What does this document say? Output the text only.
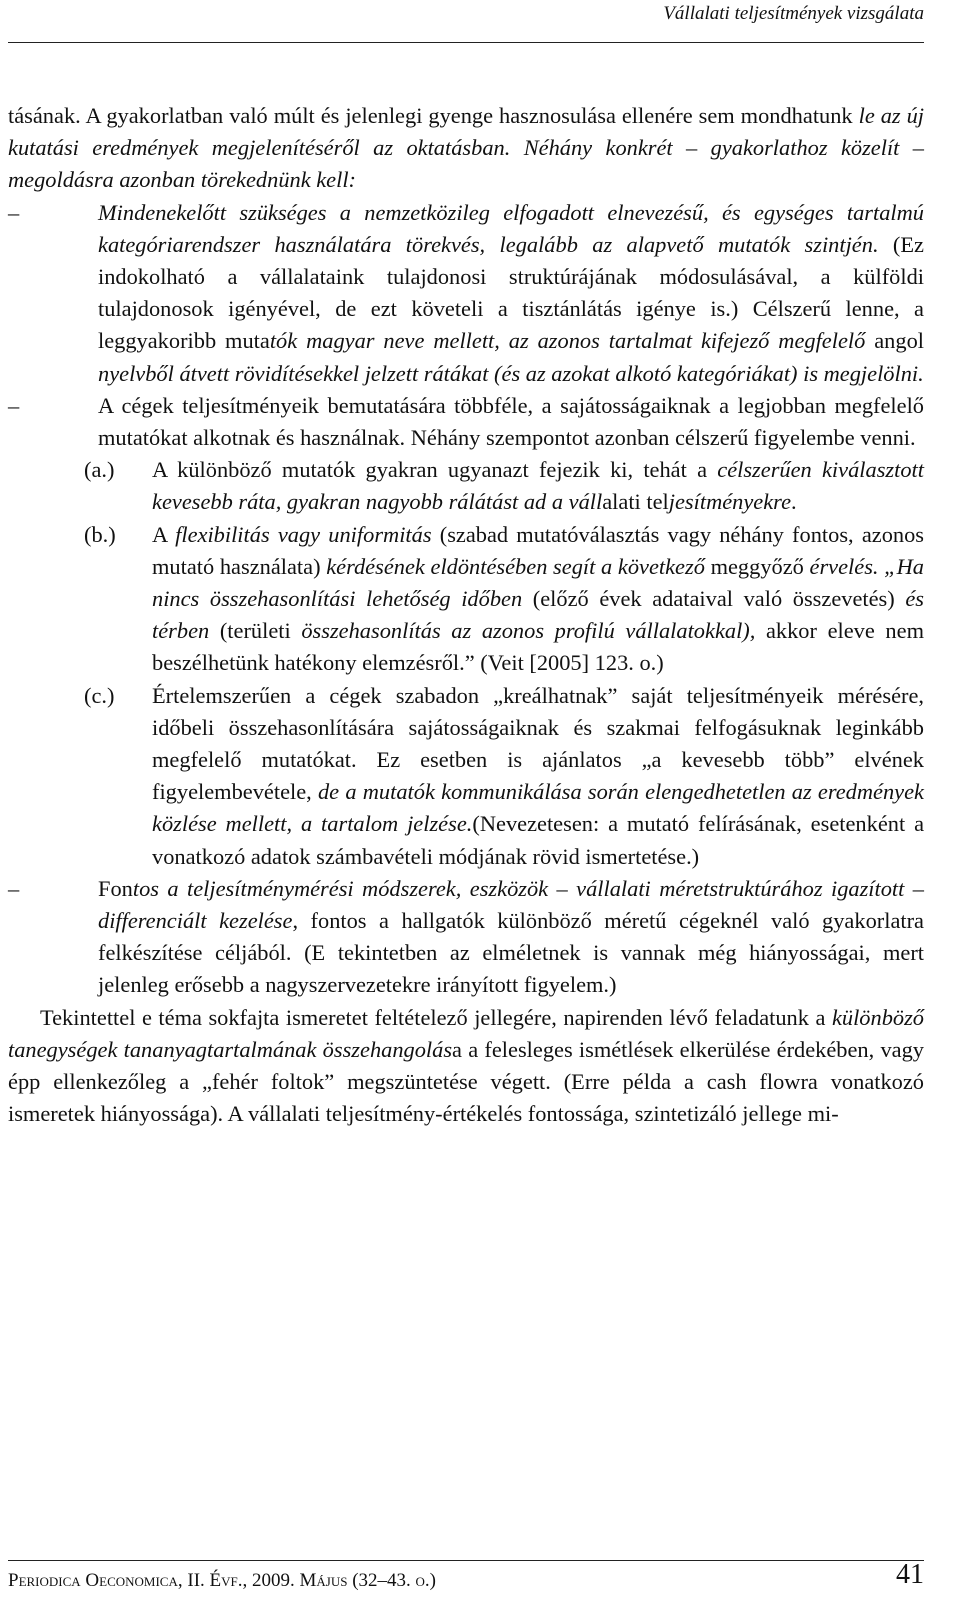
Vállalati teljesítmények vizsgálata

tásának. A gyakorlatban való múlt és jelenlegi gyenge hasznosulása ellenére sem mondhatunk le az új kutatási eredmények megjelenítéséről az oktatásban. Néhány konkrét – gyakorlathoz közelít – megoldásra azonban törekednünk kell:

–	Mindenekelőtt szükséges a nemzetközileg elfogadott elnevezésű, és egységes tartalmú kategóriarendszer használatára törekvés, legalább az alapvető mutatók szintjén. (Ez indokolható a vállalataink tulajdonosi struktúrájának módosulásával, a külföldi tulajdonosok igényével, de ezt követeli a tisztánlátás igénye is.) Célszerű lenne, a leggyakoribb mutatók magyar neve mellett, az azonos tartalmat kifejező megfelelő angol nyelvből átvett rövidítésekkel jelzett rátákat (és az azokat alkotó kategóriákat) is megjelölni.
–	A cégek teljesítményeik bemutatására többféle, a sajátosságaiknak a legjobban megfelelő mutatókat alkotnak és használnak. Néhány szempontot azonban célszerű figyelembe venni.
(a.) A különböző mutatók gyakran ugyanazt fejezik ki, tehát a célszerűen kiválasztott kevesebb ráta, gyakran nagyobb rálátást ad a vállalati teljesítményekre.
(b.) A flexibilitás vagy uniformitás (szabad mutatóválasztás vagy néhány fontos, azonos mutató használata) kérdésének eldöntésében segít a következő meggyőző érvelés. „Ha nincs összehasonlítási lehetőség időben (előző évek adataival való összevetés) és térben (területi összehasonlítás az azonos profilú vállalatokkal), akkor eleve nem beszélhetünk hatékony elemzésről.” (Veit [2005] 123. o.)
(c.) Értelemszerűen a cégek szabadon „kreálhatnak” saját teljesítményeik mérésére, időbeli összehasonlítására sajátosságaiknak és szakmai felfogásuknak leginkább megfelelő mutatókat. Ez esetben is ajánlatos „a kevesebb több” elvének figyelembevétele, de a mutatók kommunikálása során elengedhetetlen az eredmények közlése mellett, a tartalom jelzése.(Nevezetesen: a mutató felírásának, esetenként a vonatkozó adatok számbavételi módjának rövid ismertetése.)
–	Fontos a teljesítménymérési módszerek, eszközök – vállalati méretstruktúrához igazított – differenciált kezelése, fontos a hallgatók különböző méretű cégeknél való gyakorlatra felkészítése céljából. (E tekintetben az elméletnek is vannak még hiányosságai, mert jelenleg erősebb a nagyszervezetekre irányított figyelem.)

Tekintettel e téma sokfajta ismeretet feltételező jellegére, napirenden lévő feladatunk a különböző tanegységek tananyagtartalmának összehangolása a felesleges ismétlések elkerülése érdekében, vagy épp ellenkezőleg a „fehér foltok” megszüntetése végett. (Erre példa a cash flowra vonatkozó ismeretek hiányossága). A vállalati teljesítmény-értékelés fontossága, szintetizáló jellege mi-

Periodica Oeconomica, II. Évf., 2009. Május (32–43. o.)	41
